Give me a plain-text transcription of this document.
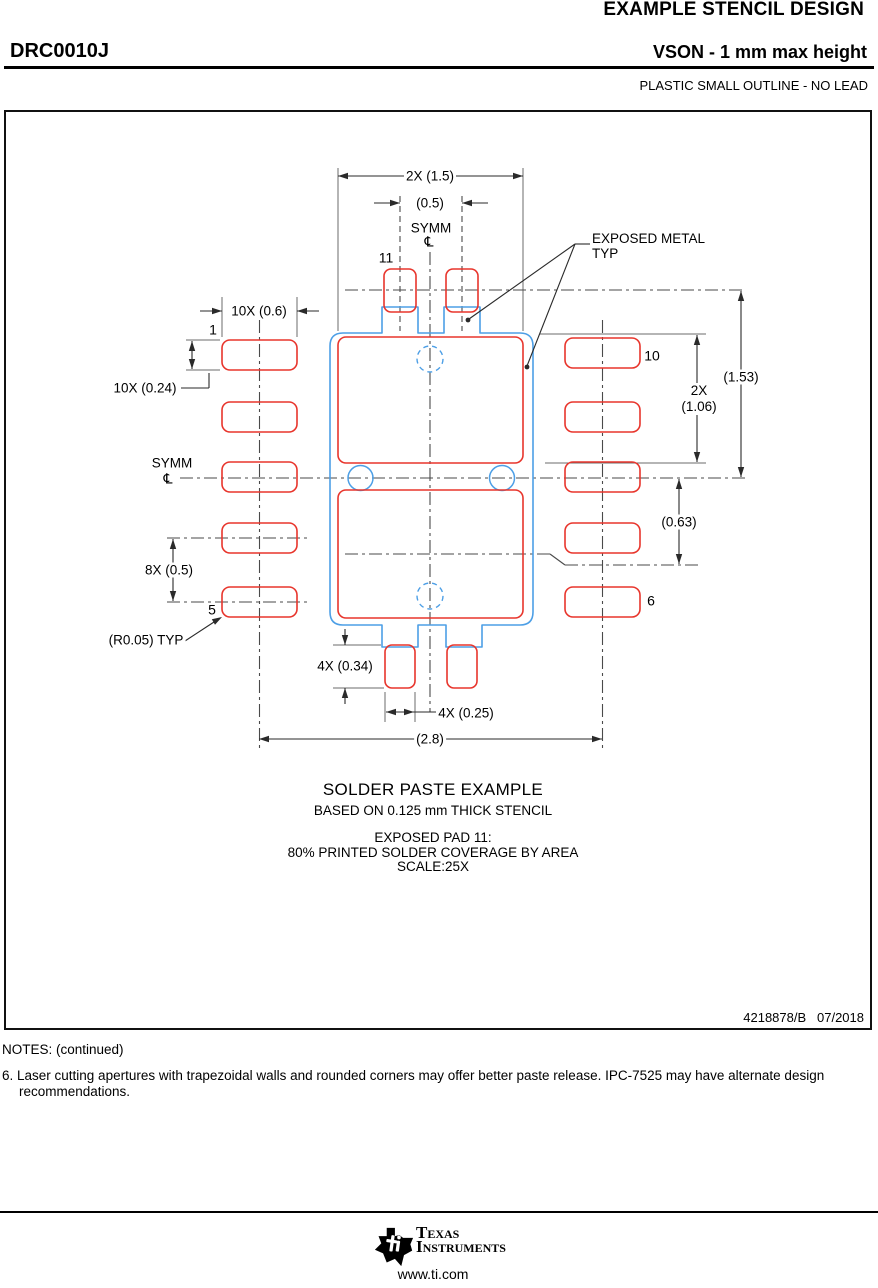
EXAMPLE STENCIL DESIGN
DRC0010J	VSON - 1 mm max height
PLASTIC SMALL OUTLINE - NO LEAD
4218878/B   07/2018
2X (1.5)
(0.5)
SYMM
℄
11
EXPOSED METAL
TYP
10X (0.6)
1
10X (0.24)
SYMM
℄
8X (0.5)
5
(R0.05) TYP
4X (0.34)
4X (0.25)
(2.8)
10
2X
(1.06)
(1.53)
(0.63)
6
SOLDER PASTE EXAMPLE
BASED ON 0.125 mm THICK STENCIL
EXPOSED PAD 11:
80% PRINTED SOLDER COVERAGE BY AREA
SCALE:25X
NOTES: (continued)
6. Laser cutting apertures with trapezoidal walls and rounded corners may offer better paste release. IPC-7525 may have alternate design recommendations.
Texas
Instruments
www.ti.com
